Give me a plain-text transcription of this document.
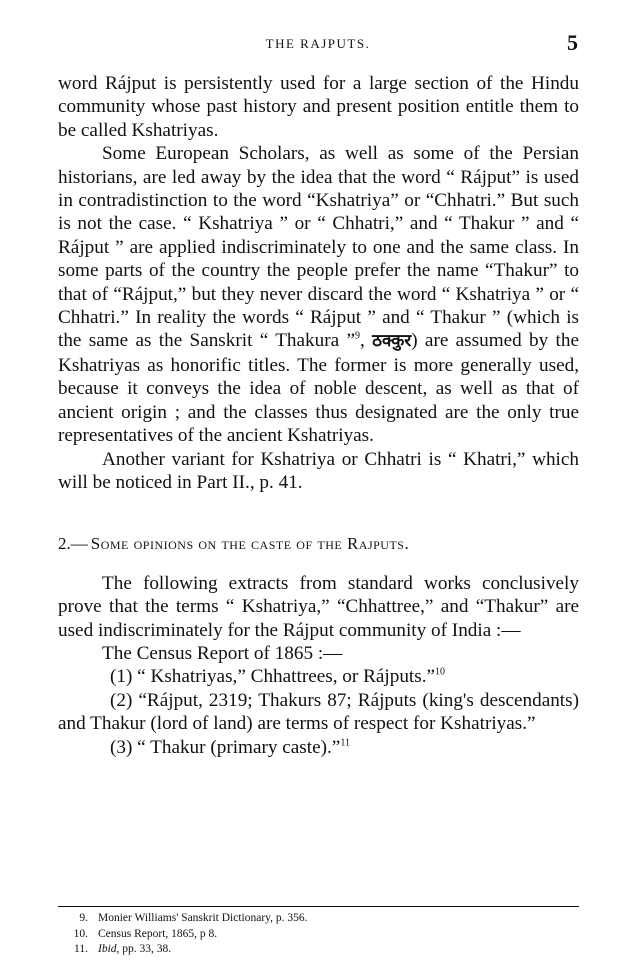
THE RAJPUTS.	5

word Rájput is persistently used for a large section of the Hindu community whose past history and present position entitle them to be called Kshatriyas.

Some European Scholars, as well as some of the Persian historians, are led away by the idea that the word “ Rájput” is used in contradistinction to the word “Kshatriya” or “Chhatri.” But such is not the case. “ Kshatriya ” or “ Chhatri,” and “ Thakur ” and “ Rájput ” are applied indiscriminately to one and the same class. In some parts of the country the people prefer the name “Thakur” to that of “Rájput,” but they never discard the word “ Kshatriya ” or “ Chhatri.” In reality the words “ Rájput ” and “ Thakur ” (which is the same as the Sanskrit “ Thakura ”$^9$, ठक्कुर) are assumed by the Kshatriyas as honorific titles. The former is more generally used, because it conveys the idea of noble descent, as well as that of ancient origin ; and the classes thus designated are the only true representatives of the ancient Kshatriyas.

Another variant for Kshatriya or Chhatri is “ Khatri,” which will be noticed in Part II., p. 41.

2.— Some opinions on the caste of the Rajputs.

The following extracts from standard works conclusively prove that the terms “ Kshatriya,” “Chhattree,” and “Thakur” are used indiscriminately for the Rájput community of India :—

The Census Report of 1865 :—

(1) “ Kshatriyas,” Chhattrees, or Rájputs.”$^{10}$

(2) “Rájput, 2319; Thakurs 87; Rájputs (king's descendants) and Thakur (lord of land) are terms of respect for Kshatriyas.”

(3) “ Thakur (primary caste).”$^{11}$

9. Monier Williams' Sanskrit Dictionary, p. 356.
10. Census Report, 1865, p 8.
11. Ibid, pp. 33, 38.
